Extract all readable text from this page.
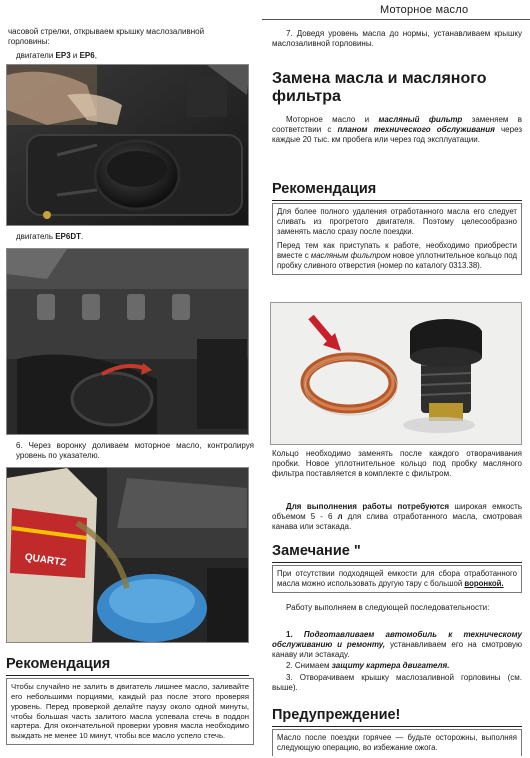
Моторное масло
часовой стрелки, открываем крышку маслозаливной
горловины:
двигатели ЕР3 и ЕР6,
двигатель EP6DT.
6. Через воронку доливаем моторное масло, контролируя уровень по указателю.
QUARTZ
Рекомендация
Чтобы случайно не залить в двигатель лишнее масло, заливайте его небольшими порциями, каждый раз после этого проверяя уровень. Перед проверкой делайте паузу около одной минуты, чтобы большая часть залитого масла успевала стечь в поддон картера. Для окончательной проверки уровня масла необходимо выждать не менее 10 минут, чтобы все масло успело стечь.
7. Доведя уровень масла до нормы, устанавливаем крышку маслозаливной горловины.
Замена масла и масляного фильтра
Моторное масло и масляный фильтр заменяем в соответствии с планом технического обслуживания через каждые 20 тыс. км пробега или через год эксплуатации.
Рекомендация
Для более полного удаления отработанного масла его следует сливать из прогретого двигателя. Поэтому целесообразно заменять масло сразу после поездки.
Перед тем как приступать к работе, необходимо приобрести вместе с масляным фильтром новое уплотнительное кольцо под пробку сливного отверстия (номер по каталогу 0313.38).
Кольцо необходимо заменять после каждого отворачивания пробки. Новое уплотнительное кольцо под пробку масляного фильтра поставляется в комплекте с фильтром.
Для выполнения работы потребуются широкая емкость объемом 5 - 6 л для слива отработанного масла, смотровая канава или эстакада.
Замечание "
При отсутствии подходящей емкости для сбора отработанного масла можно использовать другую тару с большой воронкой.
Работу выполняем в следующей последовательности:
1. Подготавливаем автомобиль к техническому обслуживанию и ремонту, устанавливаем его на смотровую канаву или эстакаду.
2. Снимаем защиту картера двигателя.
3. Отворачиваем крышку маслозаливной горловины (см. выше).
Предупреждение!
Масло после поездки горячее — будьте осторожны, выполняя следующую операцию, во избежание ожога.
